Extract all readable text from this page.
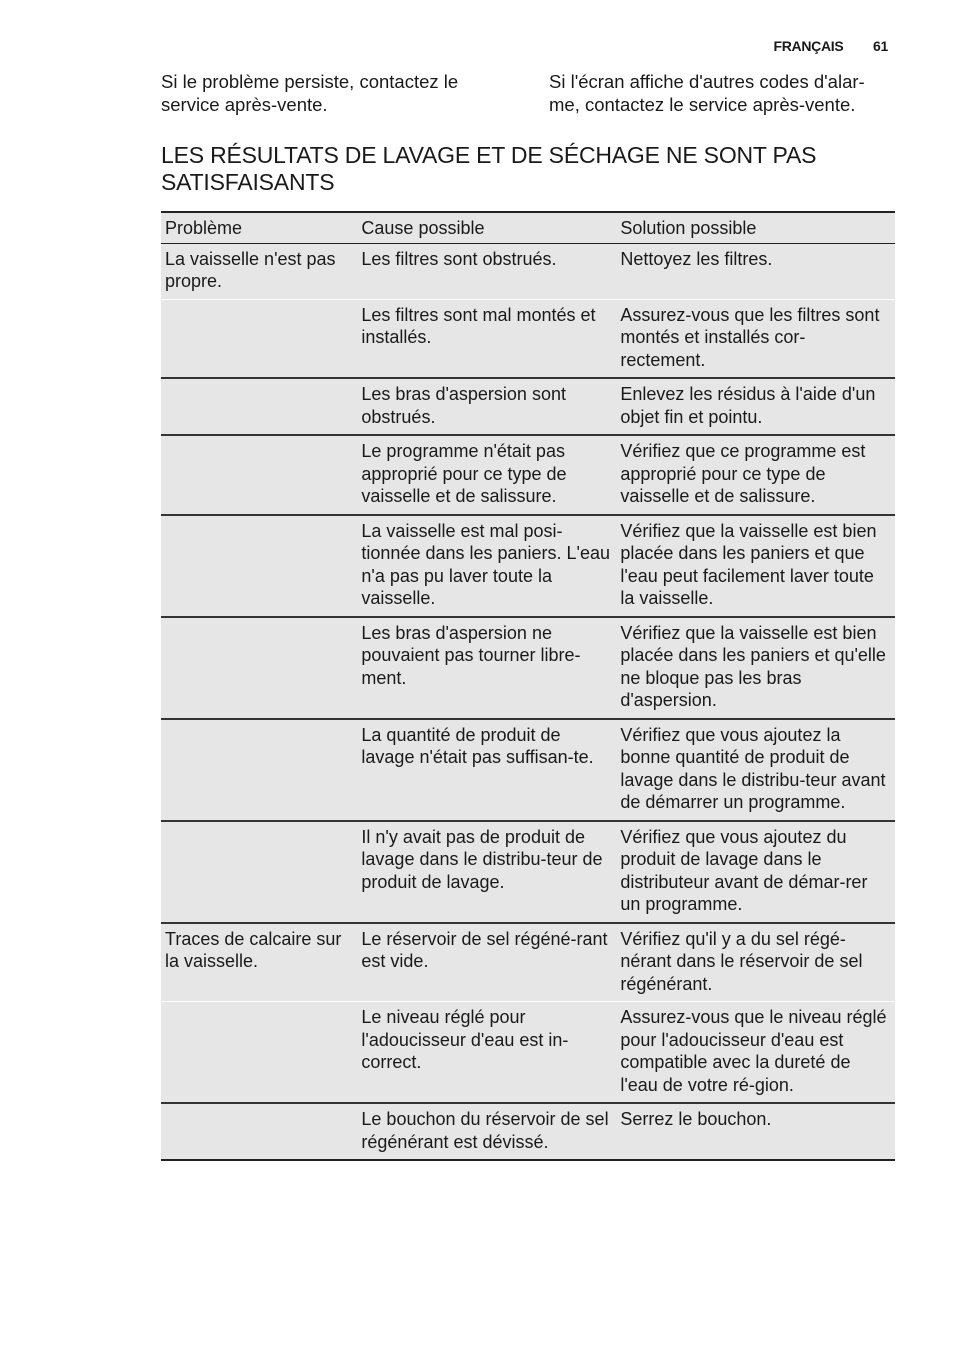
FRANÇAIS 61
Si le problème persiste, contactez le service après-vente.
Si l'écran affiche d'autres codes d'alar-me, contactez le service après-vente.
LES RÉSULTATS DE LAVAGE ET DE SÉCHAGE NE SONT PAS SATISFAISANTS
Problème	Cause possible	Solution possible
La vaisselle n'est pas propre.	Les filtres sont obstrués.	Nettoyez les filtres.
	Les filtres sont mal montés et installés.	Assurez-vous que les filtres sont montés et installés cor-rectement.
	Les bras d'aspersion sont obstrués.	Enlevez les résidus à l'aide d'un objet fin et pointu.
	Le programme n'était pas approprié pour ce type de vaisselle et de salissure.	Vérifiez que ce programme est approprié pour ce type de vaisselle et de salissure.
	La vaisselle est mal posi-tionnée dans les paniers. L'eau n'a pas pu laver toute la vaisselle.	Vérifiez que la vaisselle est bien placée dans les paniers et que l'eau peut facilement laver toute la vaisselle.
	Les bras d'aspersion ne pouvaient pas tourner libre-ment.	Vérifiez que la vaisselle est bien placée dans les paniers et qu'elle ne bloque pas les bras d'aspersion.
	La quantité de produit de lavage n'était pas suffisan-te.	Vérifiez que vous ajoutez la bonne quantité de produit de lavage dans le distribu-teur avant de démarrer un programme.
	Il n'y avait pas de produit de lavage dans le distribu-teur de produit de lavage.	Vérifiez que vous ajoutez du produit de lavage dans le distributeur avant de démar-rer un programme.
Traces de calcaire sur la vaisselle.	Le réservoir de sel régéné-rant est vide.	Vérifiez qu'il y a du sel régé-nérant dans le réservoir de sel régénérant.
	Le niveau réglé pour l'adoucisseur d'eau est in-correct.	Assurez-vous que le niveau réglé pour l'adoucisseur d'eau est compatible avec la dureté de l'eau de votre ré-gion.
	Le bouchon du réservoir de sel régénérant est dévissé.	Serrez le bouchon.
